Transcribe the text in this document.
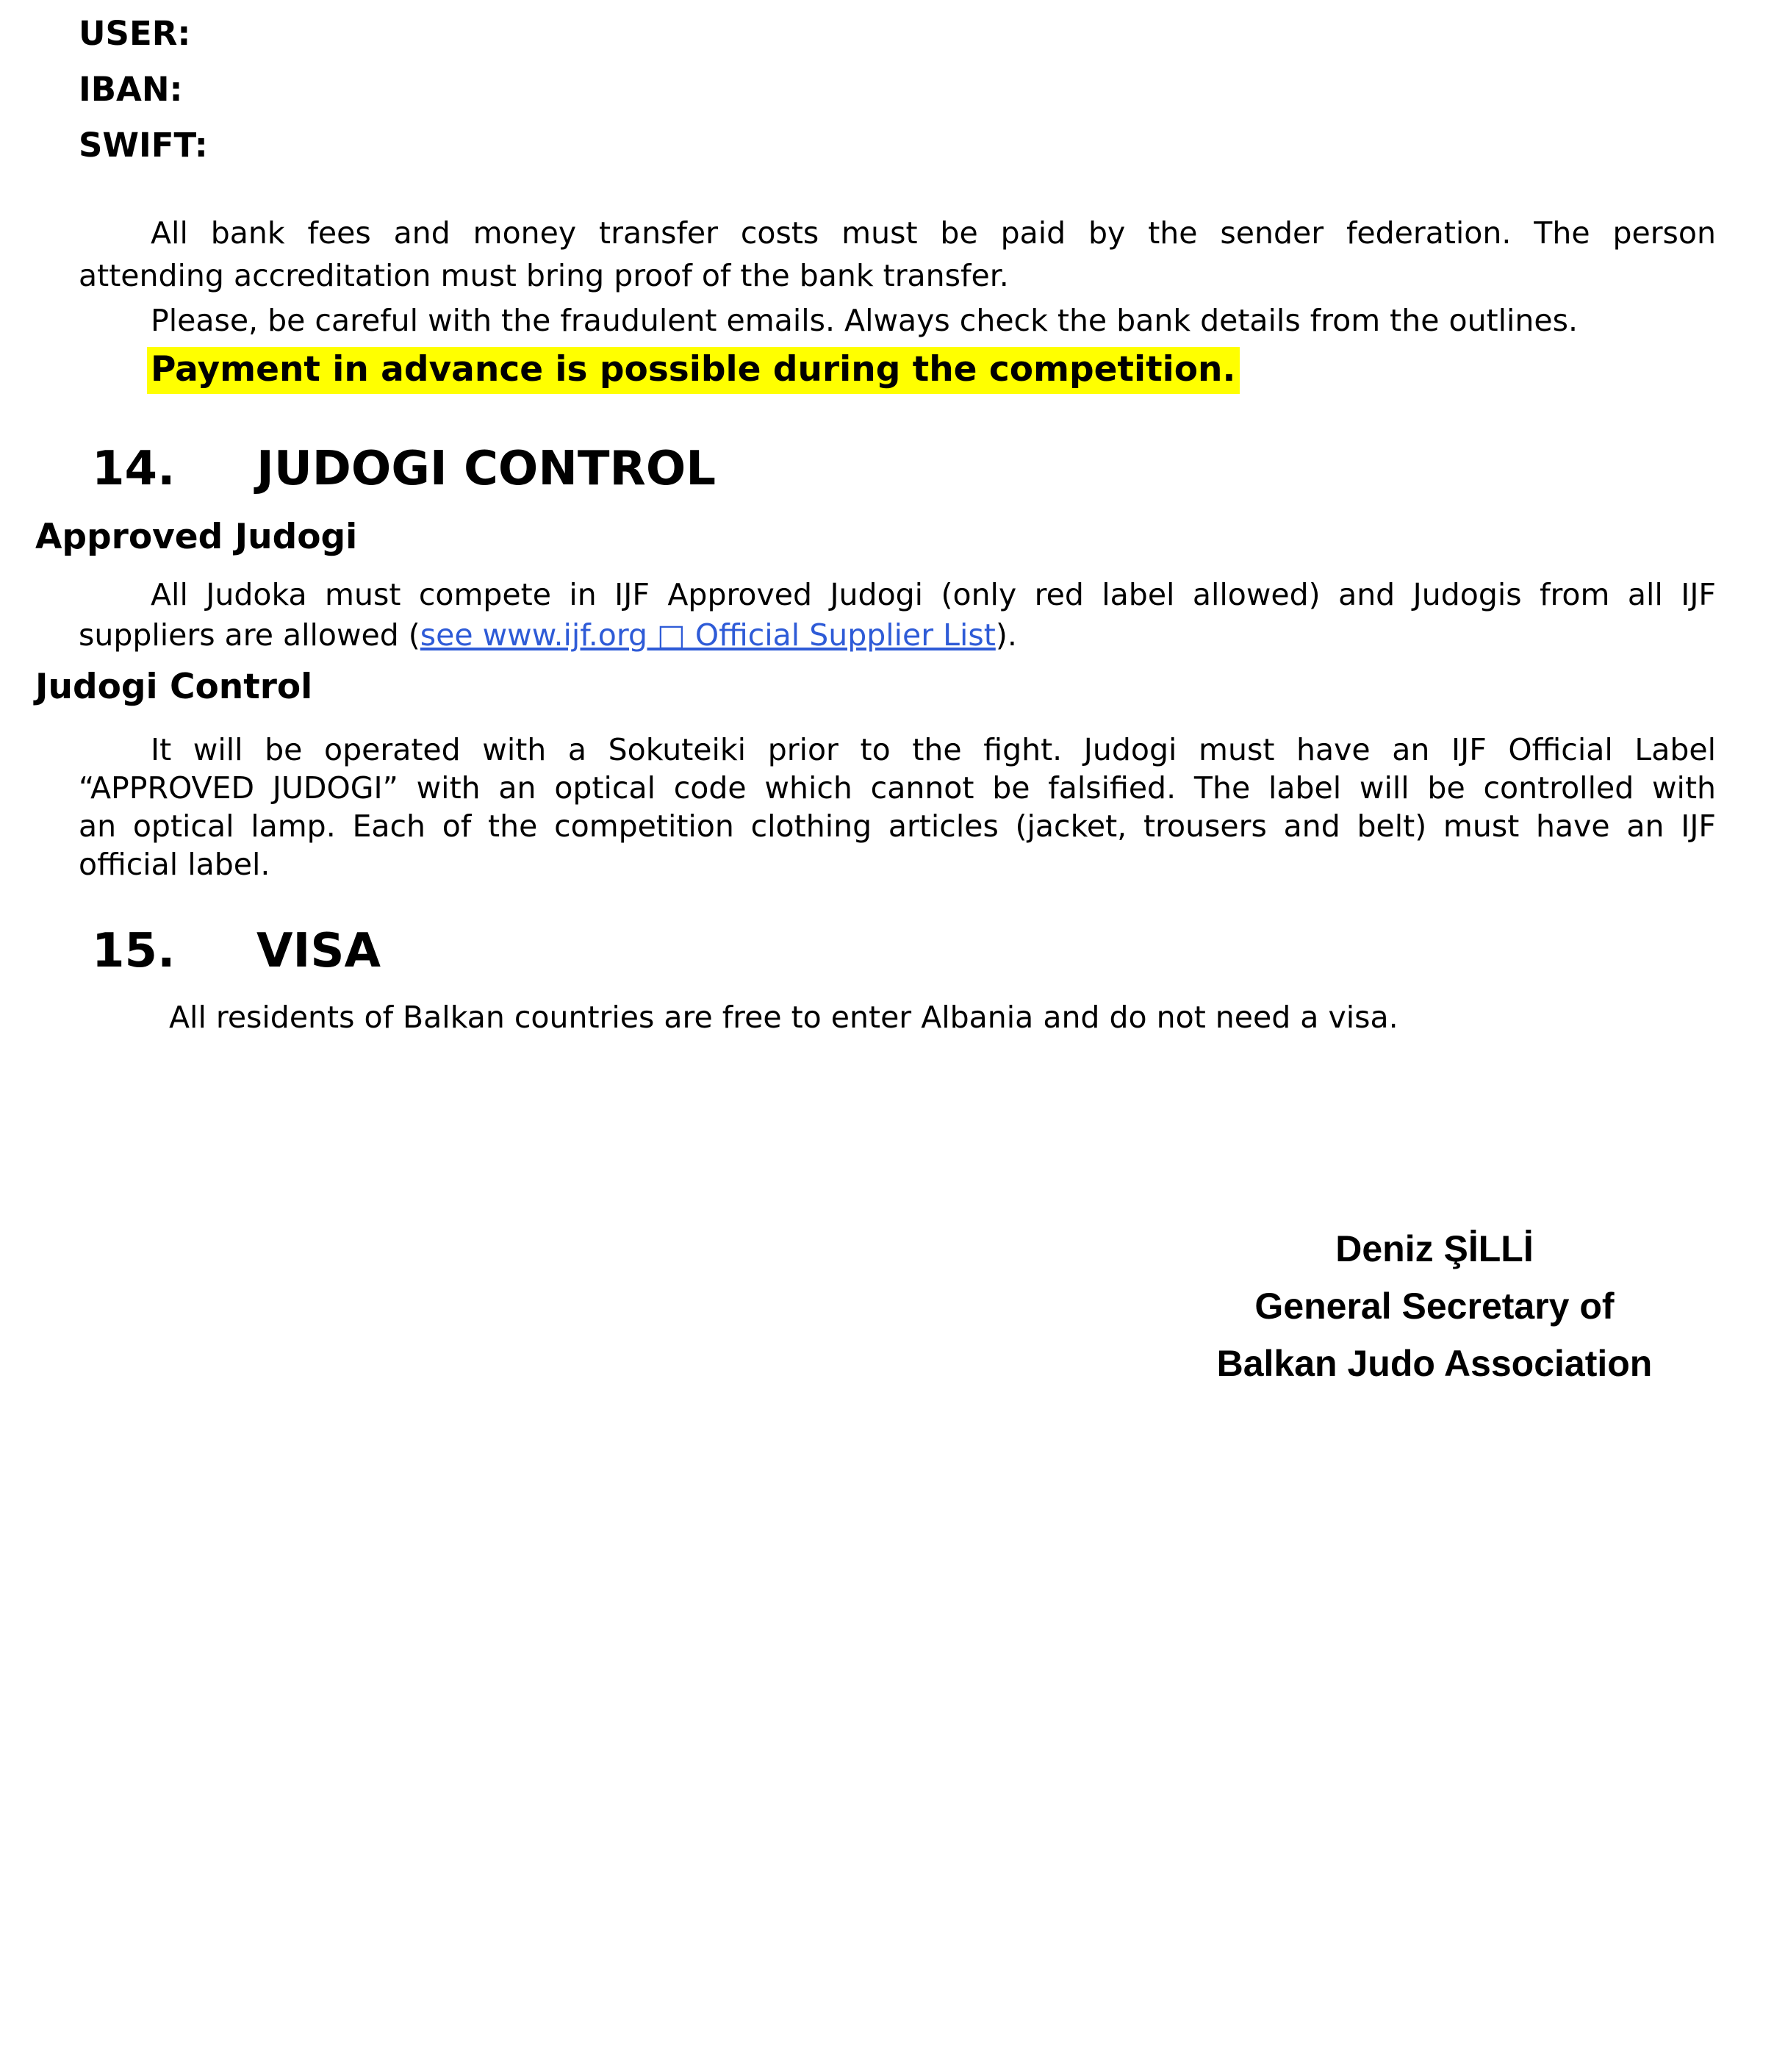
USER:
IBAN:
SWIFT:
All bank fees and money transfer costs must be paid by the sender federation. The person
attending accreditation must bring proof of the bank transfer.
Please, be careful with the fraudulent emails. Always check the bank details from the outlines.
Payment in advance is possible during the competition.
14. JUDOGI CONTROL
Approved Judogi
All Judoka must compete in IJF Approved Judogi (only red label allowed) and Judogis from all IJF
suppliers are allowed (see www.ijf.org □ Official Supplier List).
Judogi Control
It will be operated with a Sokuteiki prior to the fight. Judogi must have an IJF Official Label
“APPROVED JUDOGI” with an optical code which cannot be falsified. The label will be controlled with
an optical lamp. Each of the competition clothing articles (jacket, trousers and belt) must have an IJF
official label.
15. VISA
All residents of Balkan countries are free to enter Albania and do not need a visa.
Deniz ŞİLLİ
General Secretary of
Balkan Judo Association
